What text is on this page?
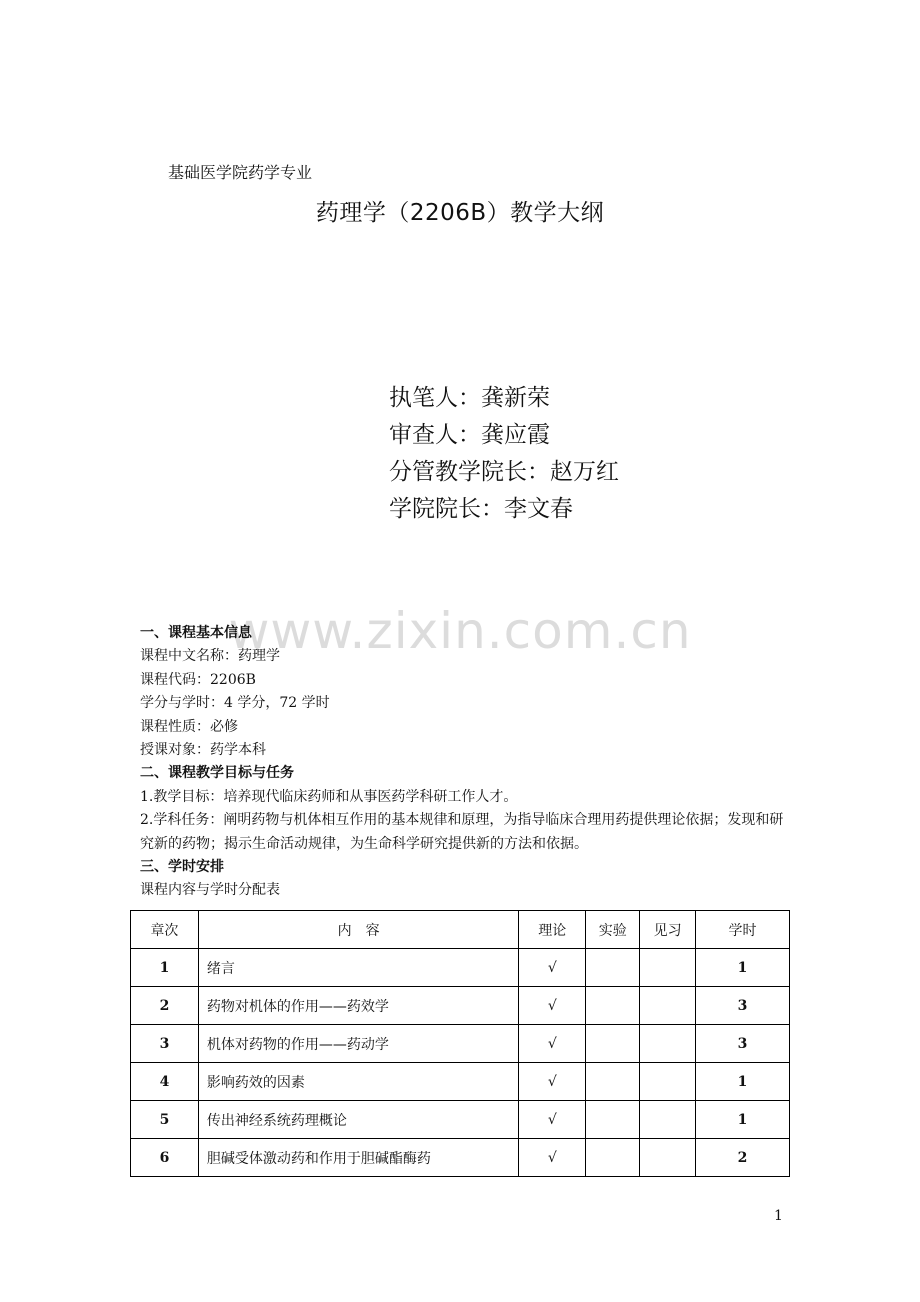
基础医学院药学专业
药理学（2206B）教学大纲
执笔人：龚新荣
审查人：龚应霞
分管教学院长：赵万红
学院院长：李文春
www.zixin.com.cn
一、课程基本信息
课程中文名称：药理学
课程代码：2206B
学分与学时：4 学分，72 学时
课程性质：必修
授课对象：药学本科
二、课程教学目标与任务
1.教学目标：培养现代临床药师和从事医药学科研工作人才。
2.学科任务：阐明药物与机体相互作用的基本规律和原理，为指导临床合理用药提供理论依据；发现和研究新的药物；揭示生命活动规律，为生命科学研究提供新的方法和依据。
三、学时安排
课程内容与学时分配表
章次	内　容	理论	实验	见习	学时
1	绪言	√			1
2	药物对机体的作用——药效学	√			3
3	机体对药物的作用——药动学	√			3
4	影响药效的因素	√			1
5	传出神经系统药理概论	√			1
6	胆碱受体激动药和作用于胆碱酯酶药	√			2
1
